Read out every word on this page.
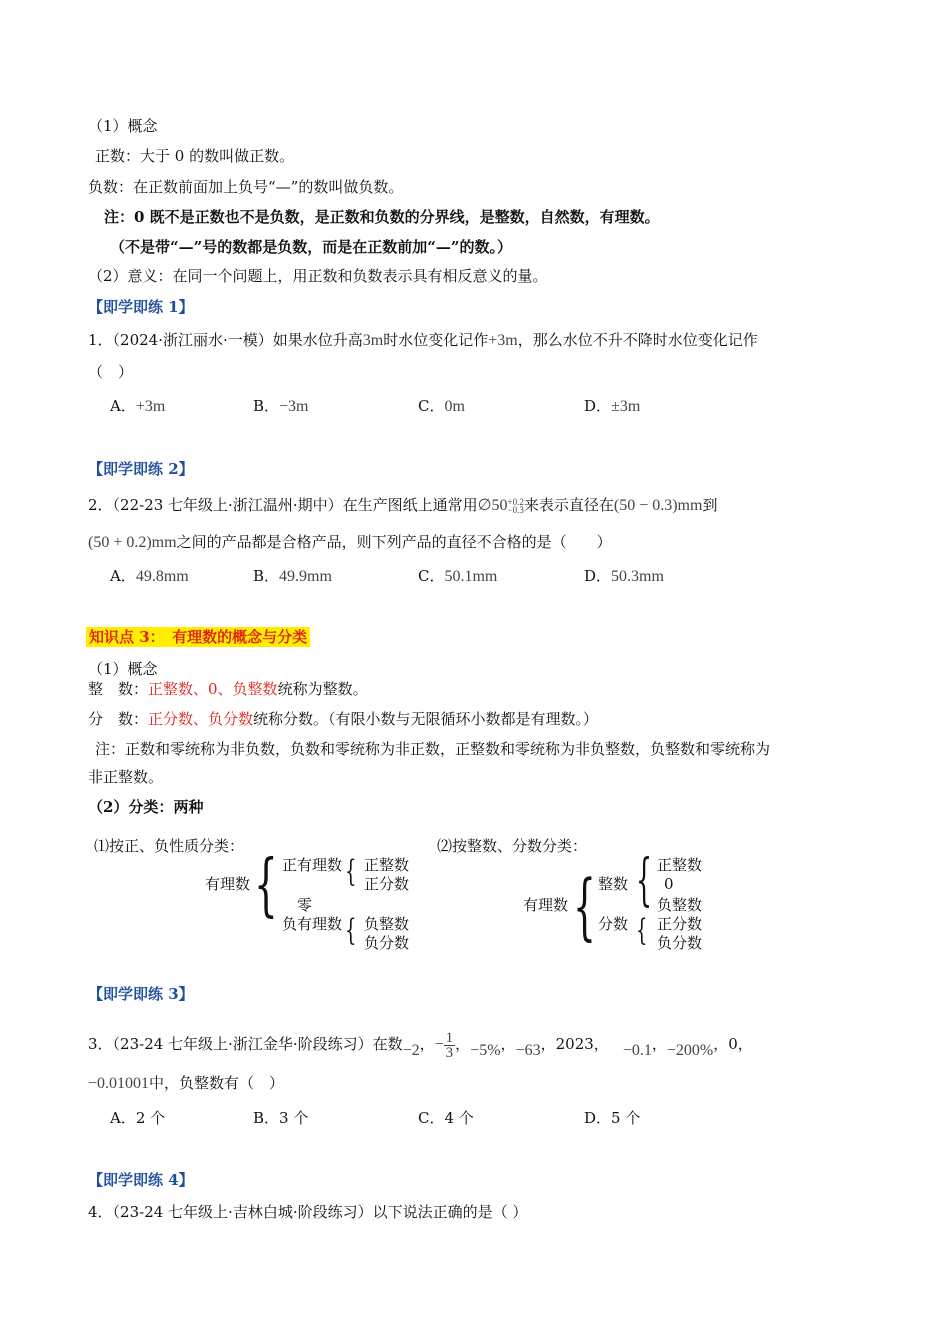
（1）概念
正数：大于 0 的数叫做正数。
负数：在正数前面加上负号“—”的数叫做负数。
注：0 既不是正数也不是负数，是正数和负数的分界线，是整数，自然数，有理数。
（不是带“—”号的数都是负数，而是在正数前加“—”的数。）
（2）意义：在同一个问题上，用正数和负数表示具有相反意义的量。
【即学即练 1】
1．（2024·浙江丽水·一模）如果水位升高3m时水位变化记作+3m，那么水位不升不降时水位变化记作
（　）
A．+3m	B．−3m	C．0m	D．±3m
【即学即练 2】
2．（22-23 七年级上·浙江温州·期中）在生产图纸上通常用∅50 +0.2
−0.3 来表示直径在(50 − 0.3)mm到
(50 + 0.2)mm之间的产品都是合格产品，则下列产品的直径不合格的是（　　）
A．49.8mm	B．49.9mm	C．50.1mm	D．50.3mm
知识点 3：　有理数的概念与分类
（1）概念
整　数：正整数、0、负整数统称为整数。
分　数：正分数、负分数统称分数。（有限小数与无限循环小数都是有理数。）
注：正数和零统称为非负数，负数和零统称为非正数，正整数和零统称为非负整数，负整数和零统称为
非正整数。
（2）分类：两种
⑴按正、负性质分类：
有理数 { 正有理数 { 正整数
正分数
零
负有理数 { 负整数
负分数
⑵按整数、分数分类：
有理数 { 整数 { 正整数
0
负整数
分数 { 正分数
负分数
【即学即练 3】
3．（23-24 七年级上·浙江金华·阶段练习）在数−2，− $\frac{1}{3}$ ，−5%，−63，2023， −0.1，−200%，0，
−0.01001中，负整数有（　）
A．2 个	B．3 个	C．4 个	D．5 个
【即学即练 4】
4．（23-24 七年级上·吉林白城·阶段练习）以下说法正确的是（ ）
